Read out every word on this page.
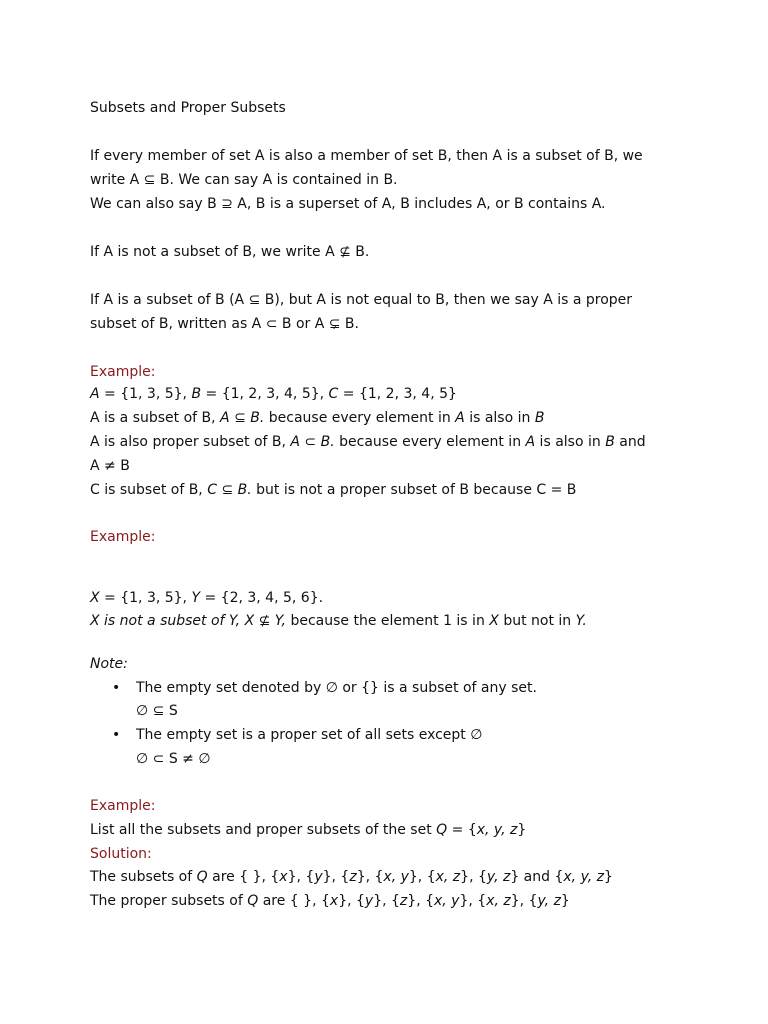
Subsets and Proper Subsets
If every member of set A is also a member of set B, then A is a subset of B, we
write A ⊆ B. We can say A is contained in B.
We can also say B ⊇ A, B is a superset of A, B includes A, or B contains A.
If A is not a subset of B, we write A ⊈ B.
If A is a subset of B (A ⊆ B), but A is not equal to B, then we say A is a proper
subset of B, written as A ⊂ B or A ⊊ B.
Example:
A = {1, 3, 5}, B = {1, 2, 3, 4, 5}, C = {1, 2, 3, 4, 5}
A is a subset of B, A ⊆ B. because every element in A is also in B
A is also proper subset of B, A ⊂ B. because every element in A is also in B and
A ≠ B
C is subset of B, C ⊆ B. but is not a proper subset of B because C = B
Example:
X = {1, 3, 5}, Y = {2, 3, 4, 5, 6}.
X is not a subset of Y, X ⊈ Y, because the element 1 is in X but not in Y.
Note:
• The empty set denoted by ∅ or {} is a subset of any set.
∅ ⊆ S
• The empty set is a proper set of all sets except ∅
∅ ⊂ S ≠ ∅
Example:
List all the subsets and proper subsets of the set Q = {x, y, z}
Solution:
The subsets of Q are { }, {x}, {y}, {z}, {x, y}, {x, z}, {y, z} and {x, y, z}
The proper subsets of Q are { }, {x}, {y}, {z}, {x, y}, {x, z}, {y, z}
